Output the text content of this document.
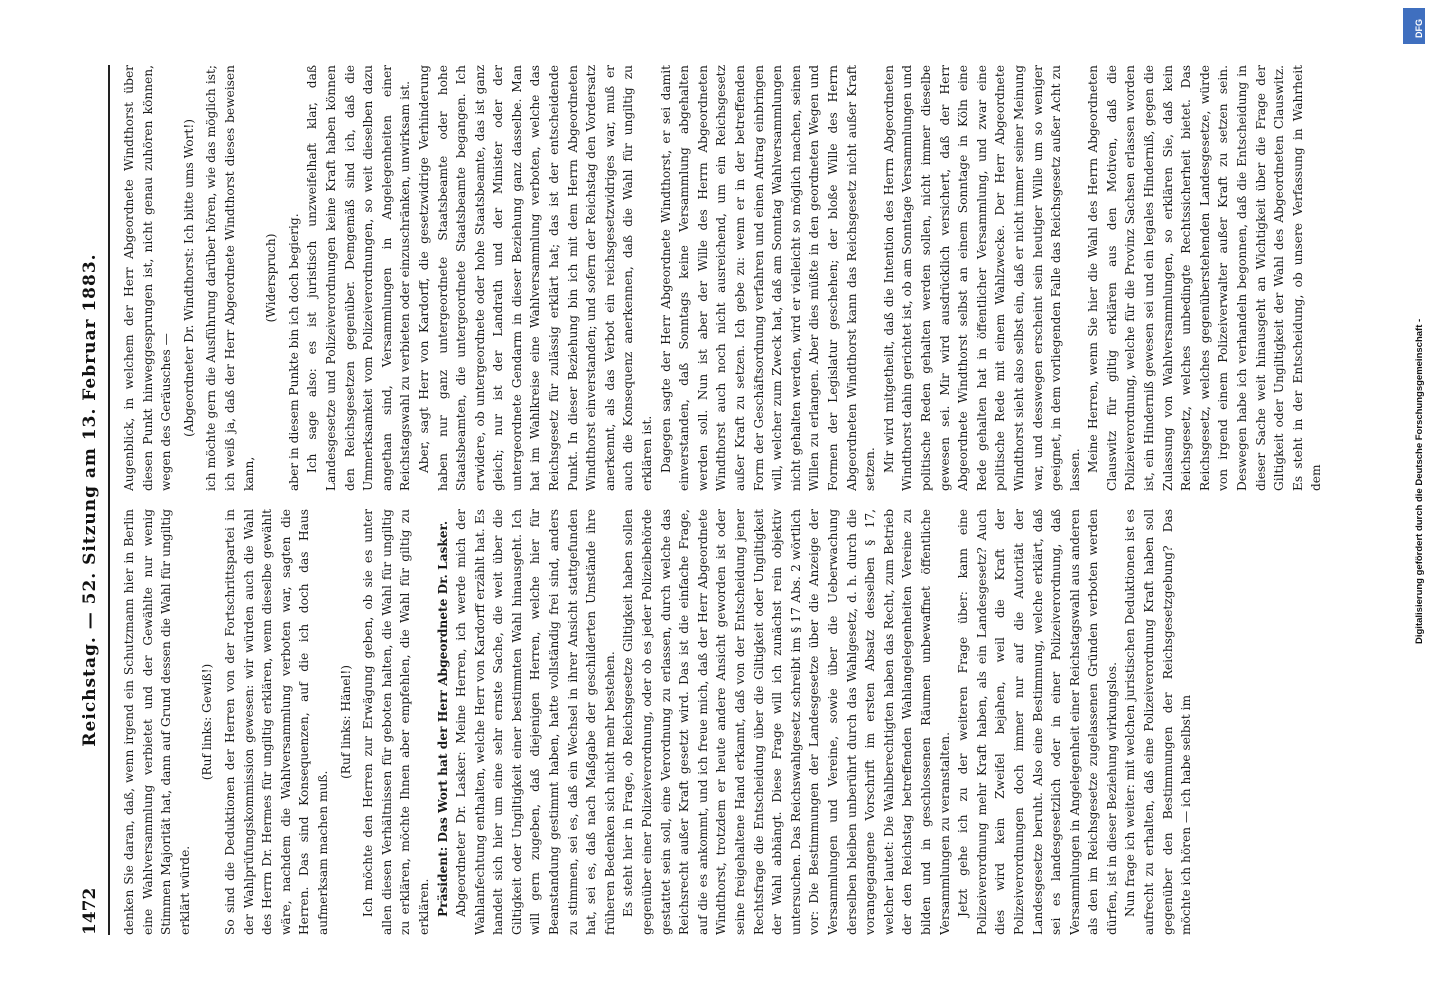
1472
Reichstag. — 52. Sitzung am 13. Februar 1883. denken Sie daran, daß, wenn irgend ein Schutzmann hier in Berlin eine Wahlversammlung verbietet und der Gewählte nur wenig Stimmen Majorität hat, dann auf Grund dessen die Wahl für ungiltig erklärt würde.

(Ruf links: Gewiß!) So sind die Deduktionen der Herren von der Fortschrittspartei in der Wahlprüfungskommission gewesen: wir würden auch die Wahl des Herrn Dr. Hermes für ungiltig erklären, wenn dieselbe gewählt wäre, nachdem die Wahlversammlung verboten war, sagten die Herren. Das sind Konsequenzen, auf die ich doch das Haus aufmerksam machen muß.

(Ruf links: Hänel!) Ich möchte den Herren zur Erwägung geben, ob sie es unter allen diesen Verhältnissen für geboten halten, die Wahl für ungiltig zu erklären, möchte Ihnen aber empfehlen, die Wahl für giltig zu erklären. Präsident: Das Wort hat der Herr Abgeordnete Dr. Lasker. Abgeordneter Dr. Lasker: Meine Herren, ich werde mich der Wahlanfechtung enthalten, welche Herr von Kardorff erzählt hat. Es handelt sich hier um eine sehr ernste Sache, die weit über die Giltigkeit oder Ungiltigkeit einer bestimmten Wahl hinausgeht. Ich will gern zugeben, daß diejenigen Herren, welche hier für Beanstandung gestimmt haben, hatte vollständig frei sind, anders zu stimmen, sei es, daß ein Wechsel in ihrer Ansicht stattgefunden hat, sei es, daß nach Maßgabe der geschilderten Umstände ihre früheren Bedenken sich nicht mehr bestehen. Es steht hier in Frage, ob Reichsgesetze Giltigkeit haben sollen gegenüber einer Polizeiverordnung, oder ob es jeder Polizeibehörde gestattet sein soll, eine Verordnung zu erlassen, durch welche das Reichsrecht außer Kraft gesetzt wird. Das ist die einfache Frage, auf die es ankommt, und ich freue mich, daß der Herr Abgeordnete Windthorst, trotzdem er heute andere Ansicht geworden ist oder seine freigehaltene Hand erkannt, daß von der Entscheidung jener Rechtsfrage die Entscheidung über die Giltigkeit oder Ungiltigkeit der Wahl abhängt. Diese Frage will ich zunächst rein objektiv untersuchen. Das Reichswahlgesetz schreibt im § 17 Abs. 2 wörtlich vor: Die Bestimmungen der Landesgesetze über die Anzeige der Versammlungen und Vereine, sowie über die Ueberwachung derselben bleiben unberührt durch das Wahlgesetz, d. h. durch die vorangegangene Vorschrift im ersten Absatz desselben § 17, welcher lautet: Die Wahlberechtigten haben das Recht, zum Betrieb der den Reichstag betreffenden Wahlangelegenheiten Vereine zu bilden und in geschlossenen Räumen unbewaffnet öffentliche Versammlungen zu veranstalten. Jetzt gehe ich zu der weiteren Frage über: kann eine Polizeiverordnung mehr Kraft haben, als ein Landesgesetz? Auch dies wird kein Zweifel bejahen, weil die Kraft der Polizeiverordnungen doch immer nur auf die Autorität der Landesgesetze beruht. Also eine Bestimmung, welche erklärt, daß sei es landesgesetzlich oder in einer Polizeiverordnung, daß Versammlungen in Angelegenheit einer Reichstagswahl aus anderen als den im Reichsgesetze zugelassenen Gründen verboten werden dürfen, ist in dieser Beziehung wirkungslos. Nun frage ich weiter: mit welchen juristischen Deduktionen ist es aufrecht zu erhalten, daß eine Polizeiverordnung Kraft haben soll gegenüber den Bestimmungen der Reichsgesetzgebung? Das möchte ich hören — ich habe selbst im

Augenblick, in welchem der Herr Abgeordnete Windthorst über diesen Punkt hinweggesprungen ist, nicht genau zuhören können, wegen des Geräusches — (Abgeordneter Dr. Windthorst: Ich bitte ums Wort!) ich möchte gern die Ausführung darüber hören, wie das möglich ist; ich weiß ja, daß der Herr Abgeordnete Windthorst dieses beweisen kann,

(Widerspruch) aber in diesem Punkte bin ich doch begierig. Ich sage also: es ist juristisch unzweifelhaft klar, daß Landesgesetze und Polizeiverordnungen keine Kraft haben können den Reichsgesetzen gegenüber. Demgemäß sind ich, daß die Ummerksamkeit vom Polizeiverordnungen, so weit dieselben dazu angethan sind, Versammlungen in Angelegenheiten einer Reichstagswahl zu verbieten oder einzuschränken, unwirksam ist. Aber, sagt Herr von Kardorff, die gesetzwidrige Verhinderung haben nur ganz untergeordnete Staatsbeamte oder hohe Staatsbeamten, die untergeordnete Staatsbeamte begangen. Ich erwidere, ob untergeordnete oder hohe Staatsbeamte, das ist ganz gleich; nur ist der Landrath und der Minister oder der untergeordnete Gendarm in dieser Beziehung ganz dasselbe. Man hat im Wahlkreise eine Wahlversammlung verboten, welche das Reichsgesetz für zulässig erklärt hat; das ist der entscheidende Punkt. In dieser Beziehung bin ich mit dem Herrn Abgeordneten Windthorst einverstanden; und sofern der Reichstag den Vordersatz anerkennt, als das Verbot ein reichsgesetzwidriges war, muß er auch die Konsequenz anerkennen, daß die Wahl für ungiltig zu erklären ist. Dagegen sagte der Herr Abgeordnete Windthorst, er sei damit einverstanden, daß Sonntags keine Versammlung abgehalten werden soll. Nun ist aber der Wille des Herrn Abgeordneten Windthorst auch noch nicht ausreichend, um ein Reichsgesetz außer Kraft zu setzen. Ich gebe zu: wenn er in der betreffenden Form der Geschäftsordnung verfahren und einen Antrag einbringen will, welcher zum Zweck hat, daß am Sonntag Wahlversammlungen nicht gehalten werden, wird er vielleicht so möglich machen, seinen Willen zu erlangen. Aber dies müßte in den geordneten Wegen und Formen der Legislatur geschehen; der bloße Wille des Herrn Abgeordneten Windthorst kann das Reichsgesetz nicht außer Kraft setzen. Mir wird mitgetheilt, daß die Intention des Herrn Abgeordneten Windthorst dahin gerichtet ist, ob am Sonntage Versammlungen und politische Reden gehalten werden sollen, nicht immer dieselbe gewesen sei. Mir wird ausdrücklich versichert, daß der Herr Abgeordnete Windthorst selbst an einem Sonntage in Köln eine Rede gehalten hat in öffentlicher Versammlung, und zwar eine politische Rede mit einem Wahlzwecke. Der Herr Abgeordnete Windthorst sieht also selbst ein, daß er nicht immer seiner Meinung war, und desswegen erscheint sein heutiger Wille um so weniger geeignet, in dem vorliegenden Falle das Reichsgesetz außer Acht zu lassen. Meine Herren, wenn Sie hier die Wahl des Herrn Abgeordneten Clauswitz für giltig erklären aus den Motiven, daß die Polizeiverordnung, welche für die Provinz Sachsen erlassen worden ist, ein Hinderniß gewesen sei und ein legales Hinderniß, gegen die Zulassung von Wahlversammlungen, so erklären Sie, daß kein Reichsgesetz, welches unbedingte Rechtssicherheit bietet. Das Reichsgesetz, welches gegenüberstehenden Landesgesetze, würde von irgend einem Polizeiverwalter außer Kraft zu setzen sein. Deswegen habe ich verhandeln begonnen, daß die Entscheidung in dieser Sache weit hinausgeht an Wichtigkeit über die Frage der Giltigkeit oder Ungiltigkeit der Wahl des Abgeordneten Clauswitz. Es steht in der Entscheidung, ob unsere Verfassung in Wahrheit dem

DFG
Digitalisierung gefördert durch die Deutsche Forschungsgemeinschaft -
